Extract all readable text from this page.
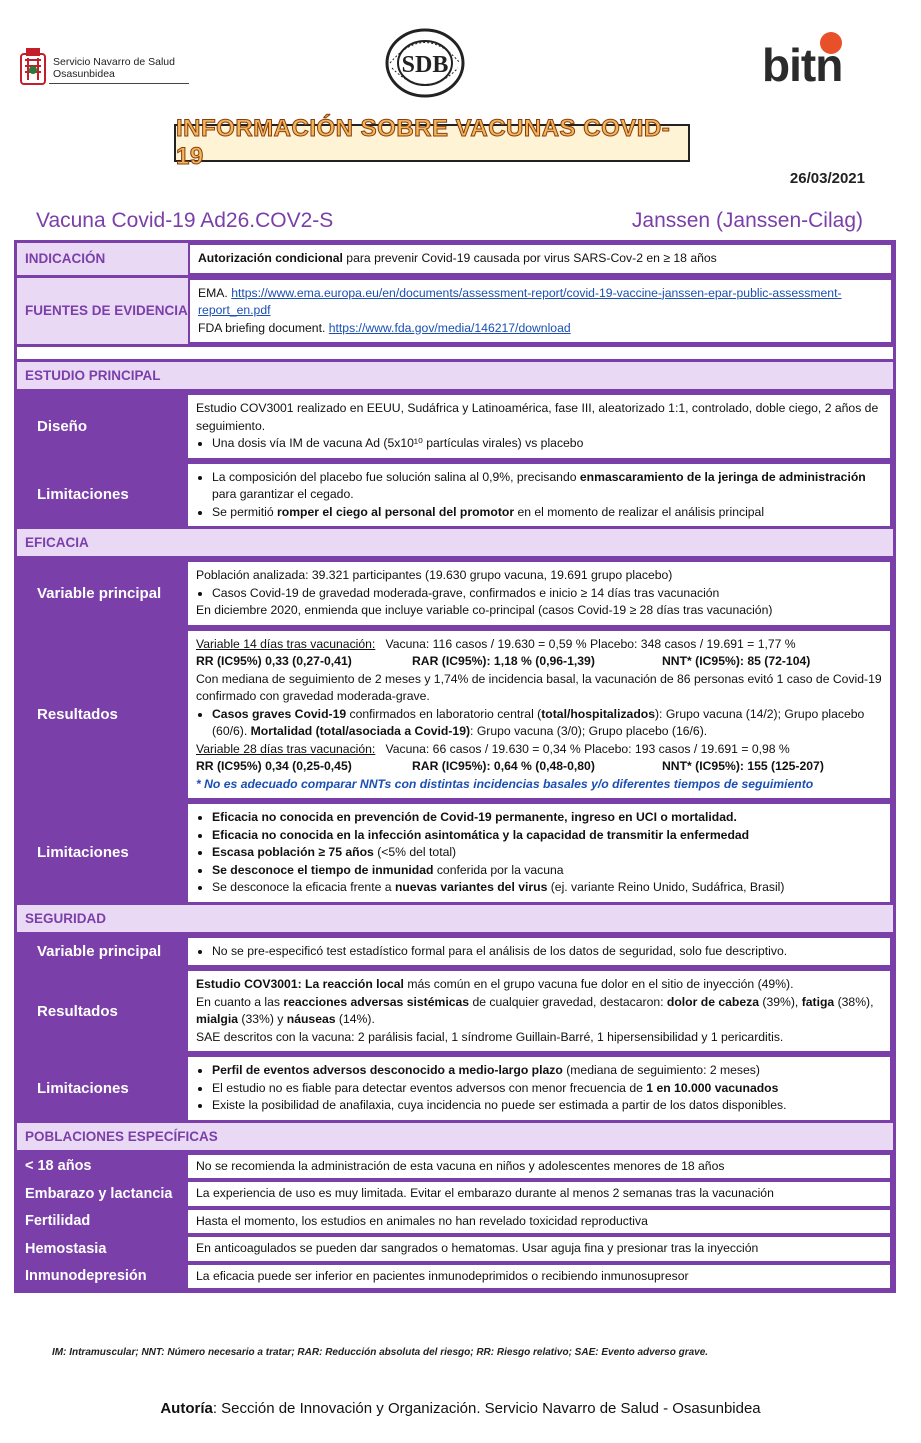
Servicio Navarro de Salud
Osasunbidea	SDB	bitn
INFORMACIÓN SOBRE VACUNAS COVID-19
26/03/2021
Vacuna Covid-19 Ad26.COV2-S	Janssen (Janssen-Cilag)
INDICACIÓN	Autorización condicional para prevenir Covid-19 causada por virus SARS-Cov-2 en ≥ 18 años
FUENTES DE EVIDENCIA
EMA. https://www.ema.europa.eu/en/documents/assessment-report/covid-19-vaccine-janssen-epar-public-assessment-report_en.pdf
FDA briefing document. https://www.fda.gov/media/146217/download
ESTUDIO PRINCIPAL
Diseño
Estudio COV3001 realizado en EEUU, Sudáfrica y Latinoamérica, fase III, aleatorizado 1:1, controlado, doble ciego, 2 años de seguimiento.
• Una dosis vía IM de vacuna Ad (5x10¹⁰ partículas virales) vs placebo
Limitaciones
• La composición del placebo fue solución salina al 0,9%, precisando enmascaramiento de la jeringa de administración para garantizar el cegado.
• Se permitió romper el ciego al personal del promotor en el momento de realizar el análisis principal
EFICACIA
Variable principal
Población analizada: 39.321 participantes (19.630 grupo vacuna, 19.691 grupo placebo)
• Casos Covid-19 de gravedad moderada-grave, confirmados e inicio ≥ 14 días tras vacunación
En diciembre 2020, enmienda que incluye variable co-principal (casos Covid-19 ≥ 28 días tras vacunación)
Resultados
Variable 14 días tras vacunación: Vacuna: 116 casos / 19.630 = 0,59 % Placebo: 348 casos / 19.691 = 1,77 %
RR (IC95%) 0,33 (0,27-0,41)	RAR (IC95%): 1,18 % (0,96-1,39)	NNT* (IC95%): 85 (72-104)
Con mediana de seguimiento de 2 meses y 1,74% de incidencia basal, la vacunación de 86 personas evitó 1 caso de Covid-19 confirmado con gravedad moderada-grave.
• Casos graves Covid-19 confirmados en laboratorio central (total/hospitalizados): Grupo vacuna (14/2); Grupo placebo (60/6). Mortalidad (total/asociada a Covid-19): Grupo vacuna (3/0); Grupo placebo (16/6).
Variable 28 días tras vacunación: Vacuna: 66 casos / 19.630 = 0,34 % Placebo: 193 casos / 19.691 = 0,98 %
RR (IC95%) 0,34 (0,25-0,45)	RAR (IC95%): 0,64 % (0,48-0,80)	NNT* (IC95%): 155 (125-207)
* No es adecuado comparar NNTs con distintas incidencias basales y/o diferentes tiempos de seguimiento
Limitaciones
• Eficacia no conocida en prevención de Covid-19 permanente, ingreso en UCI o mortalidad.
• Eficacia no conocida en la infección asintomática y la capacidad de transmitir la enfermedad
• Escasa población ≥ 75 años (<5% del total)
• Se desconoce el tiempo de inmunidad conferida por la vacuna
• Se desconoce la eficacia frente a nuevas variantes del virus (ej. variante Reino Unido, Sudáfrica, Brasil)
SEGURIDAD
Variable principal
•	No se pre-especificó test estadístico formal para el análisis de los datos de seguridad, solo fue descriptivo.
Resultados
Estudio COV3001: La reacción local más común en el grupo vacuna fue dolor en el sitio de inyección (49%).
En cuanto a las reacciones adversas sistémicas de cualquier gravedad, destacaron: dolor de cabeza (39%), fatiga (38%), mialgia (33%) y náuseas (14%).
SAE descritos con la vacuna: 2 parálisis facial, 1 síndrome Guillain-Barré, 1 hipersensibilidad y 1 pericarditis.
Limitaciones
• Perfil de eventos adversos desconocido a medio-largo plazo (mediana de seguimiento: 2 meses)
• El estudio no es fiable para detectar eventos adversos con menor frecuencia de 1 en 10.000 vacunados
• Existe la posibilidad de anafilaxia, cuya incidencia no puede ser estimada a partir de los datos disponibles.
POBLACIONES ESPECÍFICAS
< 18 años	No se recomienda la administración de esta vacuna en niños y adolescentes menores de 18 años
Embarazo y lactancia	La experiencia de uso es muy limitada. Evitar el embarazo durante al menos 2 semanas tras la vacunación
Fertilidad	Hasta el momento, los estudios en animales no han revelado toxicidad reproductiva
Hemostasia	En anticoagulados se pueden dar sangrados o hematomas. Usar aguja fina y presionar tras la inyección
Inmunodepresión	La eficacia puede ser inferior en pacientes inmunodeprimidos o recibiendo inmunosupresor
IM: Intramuscular; NNT: Número necesario a tratar; RAR: Reducción absoluta del riesgo; RR: Riesgo relativo; SAE: Evento adverso grave.
Autoría: Sección de Innovación y Organización. Servicio Navarro de Salud - Osasunbidea
